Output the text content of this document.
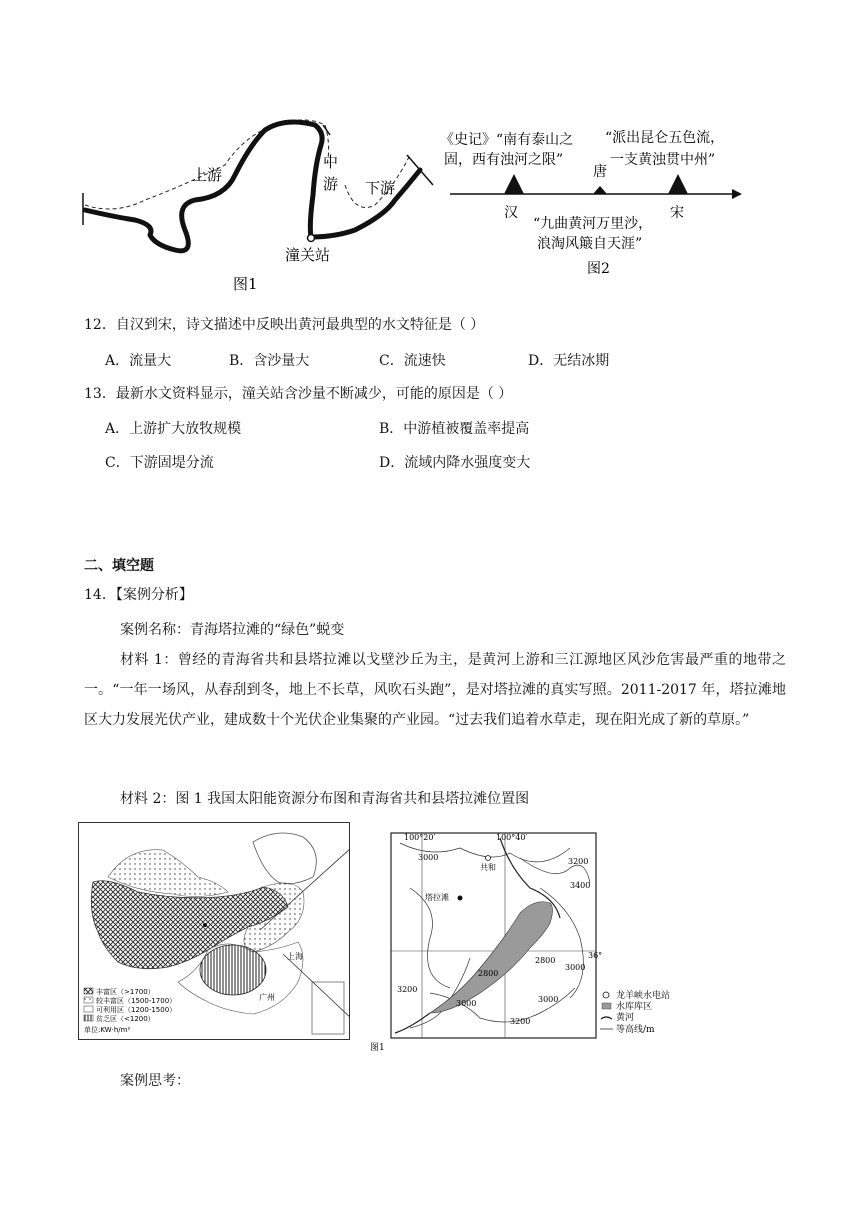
上游
中
游 下游
潼关站
图1
《史记》“南有泰山之
固，西有浊河之限”
“派出昆仑五色流，
一支黄浊贯中州”
唐
汉	宋
“九曲黄河万里沙，
浪淘风簸自天涯”
图2
12．自汉到宋，诗文描述中反映出黄河最典型的水文特征是（ ）
A．流量大	B．含沙量大	C．流速快	D．无结冰期
13．最新水文资料显示，潼关站含沙量不断减少，可能的原因是（ ）
A．上游扩大放牧规模	B．中游植被覆盖率提高
C．下游固堤分流	D．流域内降水强度变大
二、填空题
14．【案例分析】
案例名称：青海塔拉滩的“绿色”蜕变
材料 1：曾经的青海省共和县塔拉滩以戈壁沙丘为主，是黄河上游和三江源地区风沙危害最严重的地带之一。“一年一场风，从春刮到冬，地上不长草，风吹石头跑”，是对塔拉滩的真实写照。2011-2017 年，塔拉滩地区大力发展光伏产业，建成数十个光伏企业集聚的产业园。“过去我们追着水草走，现在阳光成了新的草原。”
材料 2：图 1 我国太阳能资源分布图和青海省共和县塔拉滩位置图
丰富区（>1700）
较丰富区（1500-1700）
可利用区（1200-1500）
贫乏区（<1200）
单位:KW·h/m²
上海
广州
100°20′	100°40′
3000
共和
塔拉滩
36°
2800
3000
3200
3000
3200
2800
3000
3400
3200
龙羊峡水电站
水库库区
黄河
等高线/m
图1
案例思考：
